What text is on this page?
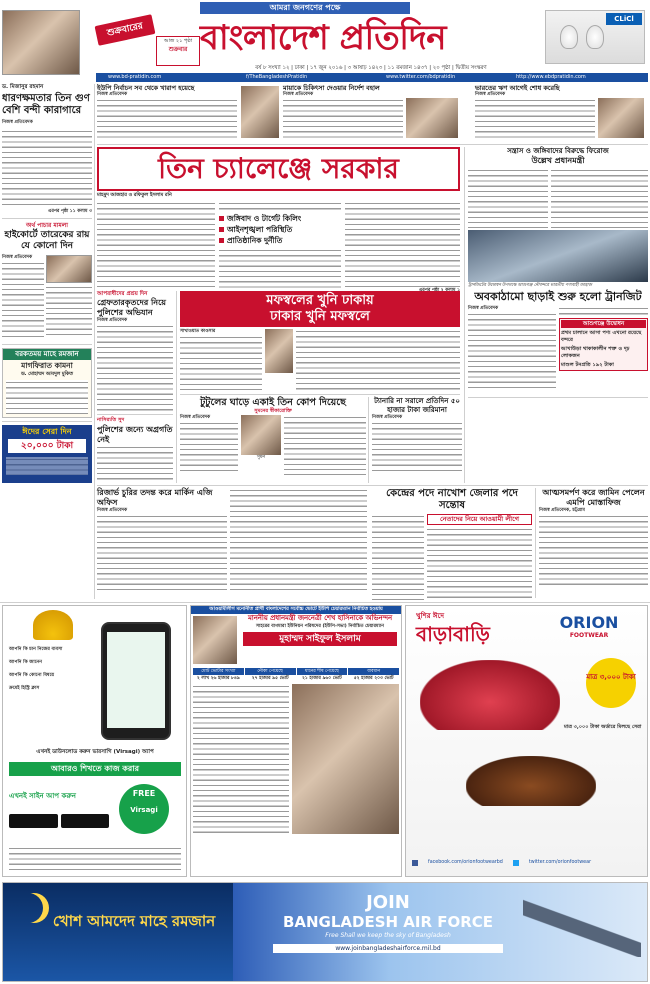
শুক্রবারের
আজ ২১ পৃষ্ঠা
শুক্রবার
আমরা জনগণের পক্ষে
বাংলাদেশ প্রতিদিন	CLiCl
বর্ষ ৮ সংখ্যা ১২ | ঢাকা | ১৭ জুন ২০১৬ | ৩ আষাঢ় ১৪২৩ | ১১ রমজান ১৪৩৭ | ২০ পৃষ্ঠা | দ্বিতীয় সংস্করণ
www.bd-pratidin.com	f/TheBangladeshPratidin	www.twitter.com/bdpratidin	http://www.ebdpratidin.com
ড. মিজানুর রহমান
ধারণক্ষমতার তিন গুণ বেশি বন্দী কারাগারে
নিজস্ব প্রতিবেদক
এরপর পৃষ্ঠা ১১ কলাম ৩
অর্থ পাচার মামলা
হাইকোর্টে তারেকের রায় যে কোনো দিন
নিজস্ব প্রতিবেদক
বরকতময় মাহে রমজান
মাগফিরাত কামনা
ড. মোহাম্মদ আবদুল মুকিত
ঈদের সেরা দিন
২০,০০০ টাকা
ইউপি নির্বাচন সব থেকে খারাপ হয়েছে
নিজস্ব প্রতিবেদক
মায়াকে চিকিৎসা দেওয়ার নির্দেশ বহাল
নিজস্ব প্রতিবেদক
ভারতের ঋণ আগেই শোধ করেছি
নিজস্ব প্রতিবেদক
তিন চ্যালেঞ্জে সরকার
মাহমুদ আজহার ও রফিকুল ইসলাম রনি
জঙ্গিবাদ ও টার্গেট কিলিং
আইনশৃঙ্খলা পরিস্থিতি
প্রাতিষ্ঠানিক দুর্নীতি
সন্ত্রাস ও জঙ্গিবাদের বিরুদ্ধে ফিরোজ
উল্লেখ প্রধানমন্ত্রী
ট্রানজিটের উদ্বোধন উপলক্ষে আশুগঞ্জ নৌবন্দরে ভারতীয় পণ্যবাহী জাহাজ
অবকাঠামো ছাড়াই শুরু হলো ট্রানজিট
নিজস্ব প্রতিবেদক
আশুগঞ্জে উদ্বোধন
প্রথম চালানে আসা পণ্য এখনো রয়েছে বন্দরে
আখাউড়া থাকাকালীন শক্ত ও দৃঢ় লোকজন
মাশুল টনপ্রতি ১৯২ টাকা
আপরাধীদের প্রশ্রয় দিন
গ্রেফতারকৃতদের নিয়ে পুলিশের অভিযান
নিজস্ব প্রতিবেদক
নাসির‍্যতি সুদ
পুলিশের জন্যে অগ্রগতি নেই
মফস্বলের খুনি ঢাকায়
ঢাকার খুনি মফস্বলে
সাখাওয়াত কাওসার
টুটুলের ঘাড়ে একাই তিন কোপ দিয়েছে
সুমনের স্বীকারোক্তি
নিজস্ব প্রতিবেদক
সুমন
ট্যানারি না সরালে প্রতিদিন ৫০ হাজার টাকা জরিমানা
নিজস্ব প্রতিবেদক
কেন্দ্রের পদে নাখোশ জেলার পদে সন্তোষ
নেতাদের নিয়ে আওয়ামী লীগে
আত্মসমর্পণ করে জামিন পেলেন এমপি মোস্তাফিজ
নিজস্ব প্রতিবেদক, চট্টগ্রাম
রিজার্ভ চুরির তদন্ত করে মার্কিন এজি অফিস
নিজস্ব প্রতিবেদক
আপনি কি চান নিজের ব্যবসা
আপনি কি জানেন
আপনি কি কোনো বিষয়ে
ক্রমেই হিস্ট্রি ক্লাস
এখনই ডাউনলোড করুন ভারসাগি (Virsagi) অ্যাপ
আবারও শিখতে কাজ করার
এখনই সাইন আপ করুন	FREE
Virsagi
আওয়ামীলীগ মনোনীত প্রার্থী বাংলাদেশের সর্বোচ্চ ভোটে ইউপি চেয়ারম্যান নির্বাচিত হওয়ায়
মাননীয় প্রধানমন্ত্রী জননেত্রী শেখ হাসিনাকে অভিনন্দন
সাহরের বাগমারা ইউনিয়ন পরিষদের (ইউপি-সভা) নির্বাচিত চেয়ারম্যান
মুহাম্মদ সাইফুল ইসলাম
মোট ভোটার সংখ্যা
২ লাখ ২৬ হাজার ৮৪৯
নৌকা পেয়েছে
২৭ হাজার ৯৫ ভোট
ধানের শীষ পেয়েছে
২১ হাজার ৯৬০ ভোট
ব্যবধান
৫২ হাজার ২০৩ ভোট
খুশির ঈদে
বাড়াবাড়ি	ORION
FOOTWEAR
মাত্র ৩,০০০ টাকা
মাত্র ৩,০০০ টাকা অর্ডারে মিলছে সেরা
facebook.com/orionfootwearbd	twitter.com/orionfootwear
খোশ আমদেদ মাহে রমজান
JOIN
BANGLADESH AIR FORCE
Free Shall we keep the sky of Bangladesh
www.joinbangladeshairforce.mil.bd
